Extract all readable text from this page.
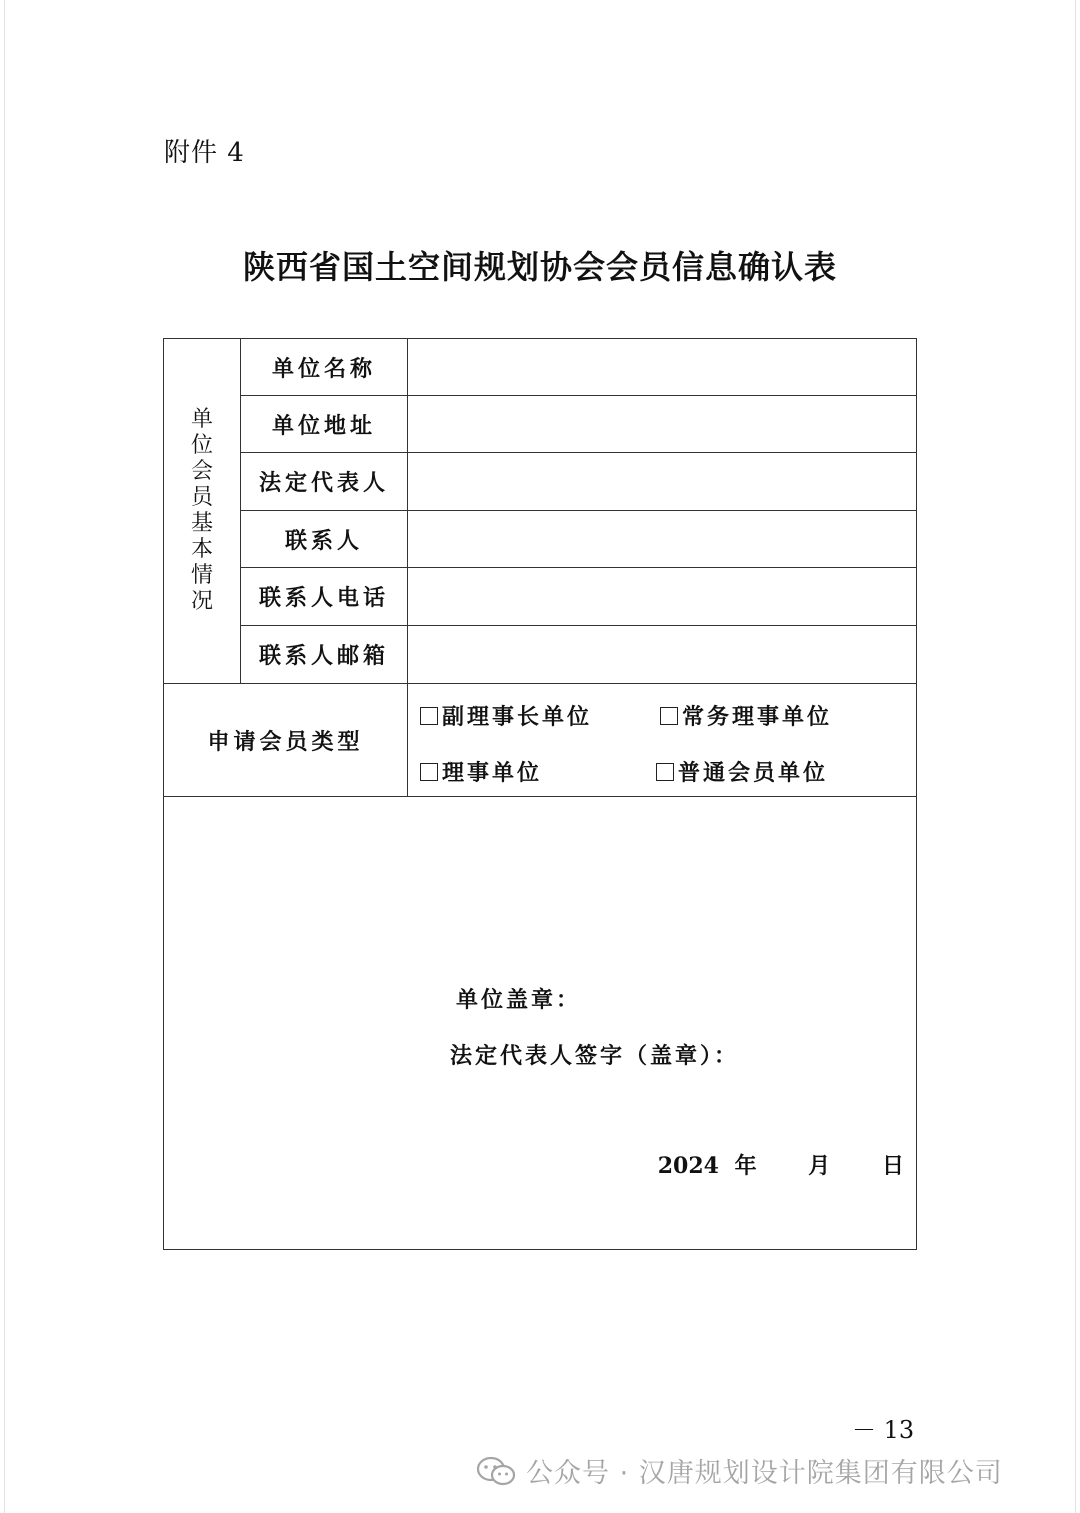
附件 4
陕西省国土空间规划协会会员信息确认表
单位会员基本情况	单位名称	
	单位地址	
	法定代表人	
	联系人	
	联系人电话	
	联系人邮箱	
申请会员类型		副理事长单位 常务理事单位
理事单位 普通会员单位

单位盖章：
法定代表人签字（盖章）：
2024 年 月 日		
－ 13
公众号 · 汉唐规划设计院集团有限公司
